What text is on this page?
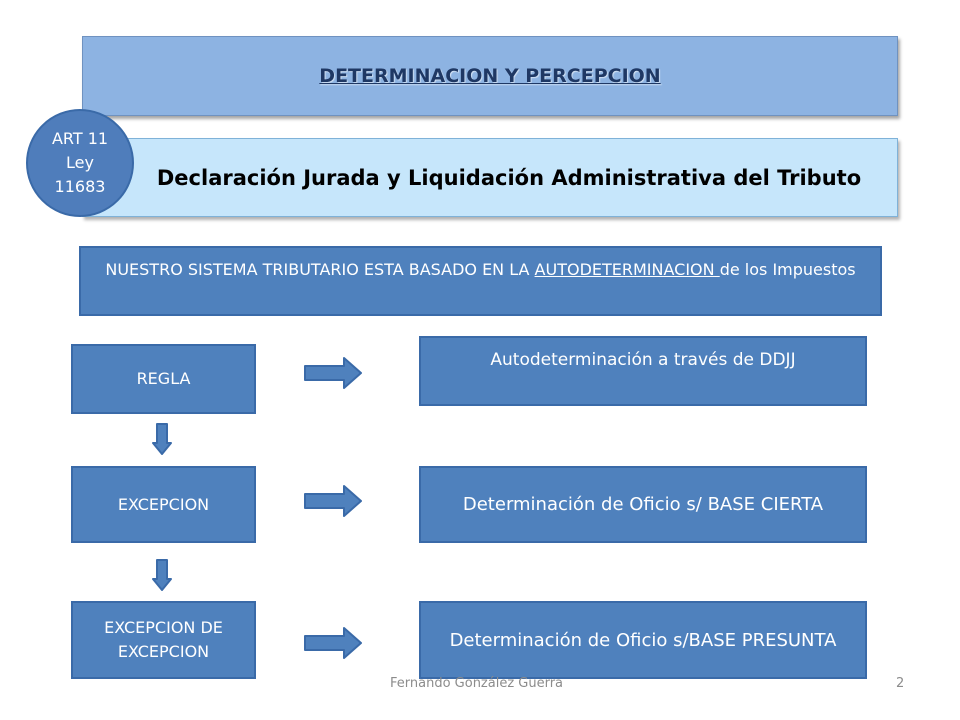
DETERMINACION Y PERCEPCION
Declaración Jurada y Liquidación Administrativa del Tributo
ART 11
Ley
11683
NUESTRO SISTEMA TRIBUTARIO ESTA BASADO EN LA AUTODETERMINACION de los Impuestos
REGLA
Autodeterminación a través de DDJJ
EXCEPCION	Determinación de Oficio s/ BASE CIERTA
EXCEPCION DE EXCEPCION
Determinación de Oficio s/BASE PRESUNTA
Fernando González Guerra	2
